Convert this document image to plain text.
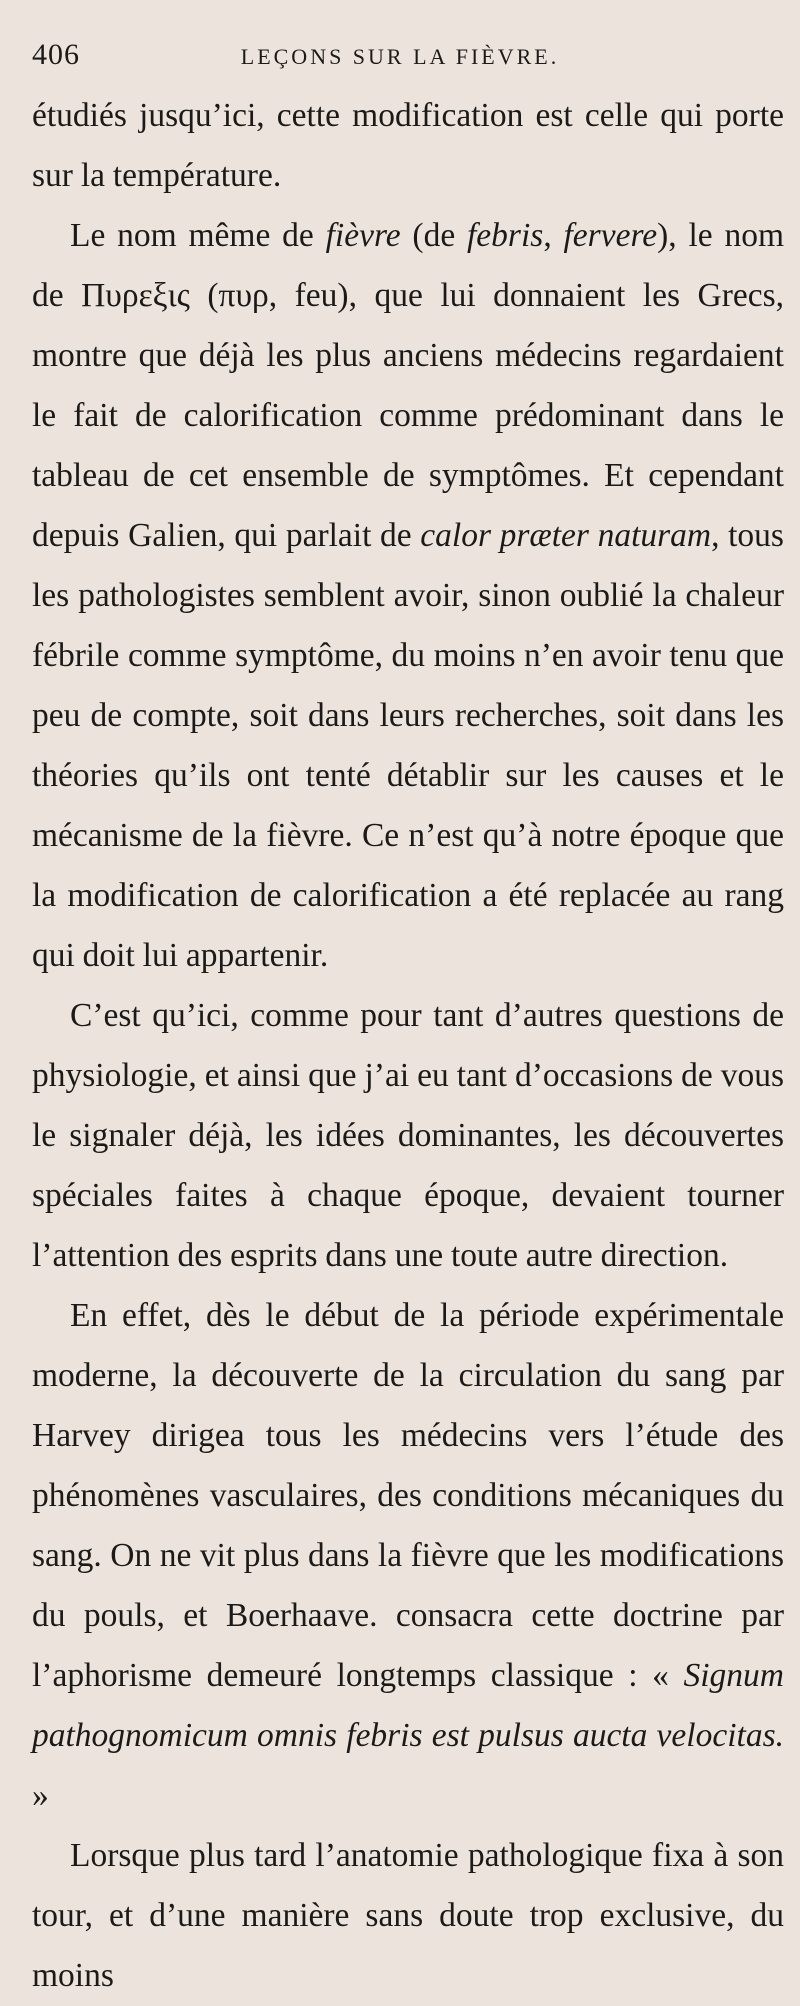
406	LEÇONS SUR LA FIÈVRE.

étudiés jusqu’ici, cette modification est celle qui porte sur la température.

Le nom même de fièvre (de febris, fervere), le nom de Πυρεξις (πυρ, feu), que lui donnaient les Grecs, montre que déjà les plus anciens médecins regardaient le fait de calorification comme prédominant dans le tableau de cet ensemble de symptômes. Et cependant depuis Galien, qui parlait de calor præter naturam, tous les pathologistes semblent avoir, sinon oublié la chaleur fébrile comme symptôme, du moins n’en avoir tenu que peu de compte, soit dans leurs recherches, soit dans les théories qu’ils ont tenté détablir sur les causes et le mécanisme de la fièvre. Ce n’est qu’à notre époque que la modification de calorification a été replacée au rang qui doit lui appartenir.

C’est qu’ici, comme pour tant d’autres questions de physiologie, et ainsi que j’ai eu tant d’occasions de vous le signaler déjà, les idées dominantes, les découvertes spéciales faites à chaque époque, devaient tourner l’attention des esprits dans une toute autre direction.

En effet, dès le début de la période expérimentale moderne, la découverte de la circulation du sang par Harvey dirigea tous les médecins vers l’étude des phénomènes vasculaires, des conditions mécaniques du sang. On ne vit plus dans la fièvre que les modifications du pouls, et Boerhaave. consacra cette doctrine par l’aphorisme demeuré longtemps classique : « Signum pathognomicum omnis febris est pulsus aucta velocitas. »

Lorsque plus tard l’anatomie pathologique fixa à son tour, et d’une manière sans doute trop exclusive, du moins
